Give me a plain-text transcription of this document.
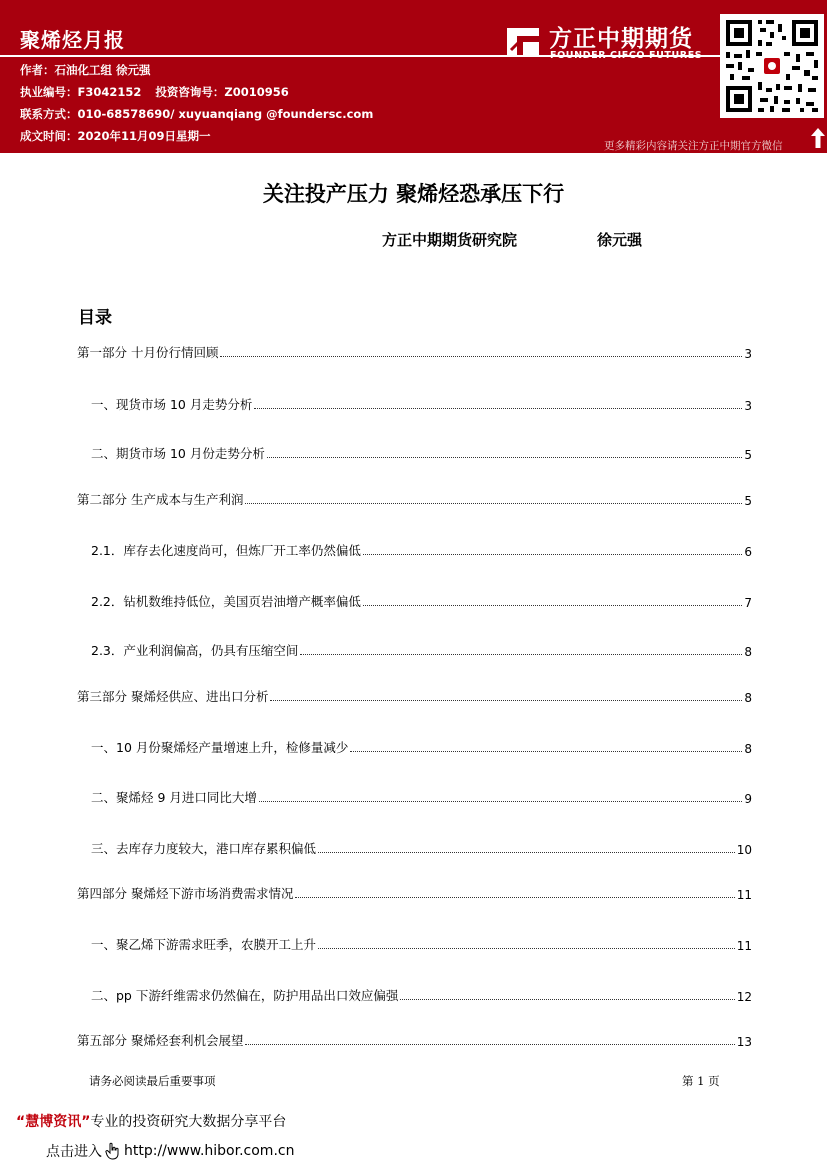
聚烯烃月报
作者：石油化工组 徐元强
执业编号：F3042152 投资咨询号：Z0010956
联系方式：010-68578690/ xuyuanqiang @foundersc.com
成文时间：2020年11月09日星期一
方正中期期货
FOUNDER CIFCO FUTURES
更多精彩内容请关注方正中期官方微信
关注投产压力 聚烯烃恐承压下行
方正中期期货研究院	徐元强
目录
第一部分 十月份行情回顾	3
一、现货市场 10 月走势分析	3
二、期货市场 10 月份走势分析	5
第二部分 生产成本与生产利润	5
2.1．库存去化速度尚可，但炼厂开工率仍然偏低	6
2.2．钻机数维持低位，美国页岩油增产概率偏低	7
2.3．产业利润偏高，仍具有压缩空间	8
第三部分 聚烯烃供应、进出口分析	8
一、10 月份聚烯烃产量增速上升，检修量减少	8
二、聚烯烃 9 月进口同比大增	9
三、去库存力度较大，港口库存累积偏低	10
第四部分 聚烯烃下游市场消费需求情况	11
一、聚乙烯下游需求旺季，农膜开工上升	11
二、pp 下游纤维需求仍然偏在，防护用品出口效应偏强	12
第五部分 聚烯烃套利机会展望	13
请务必阅读最后重要事项	第 1 页
“慧博资讯”专业的投资研究大数据分享平台
点击进入 http://www.hibor.com.cn
